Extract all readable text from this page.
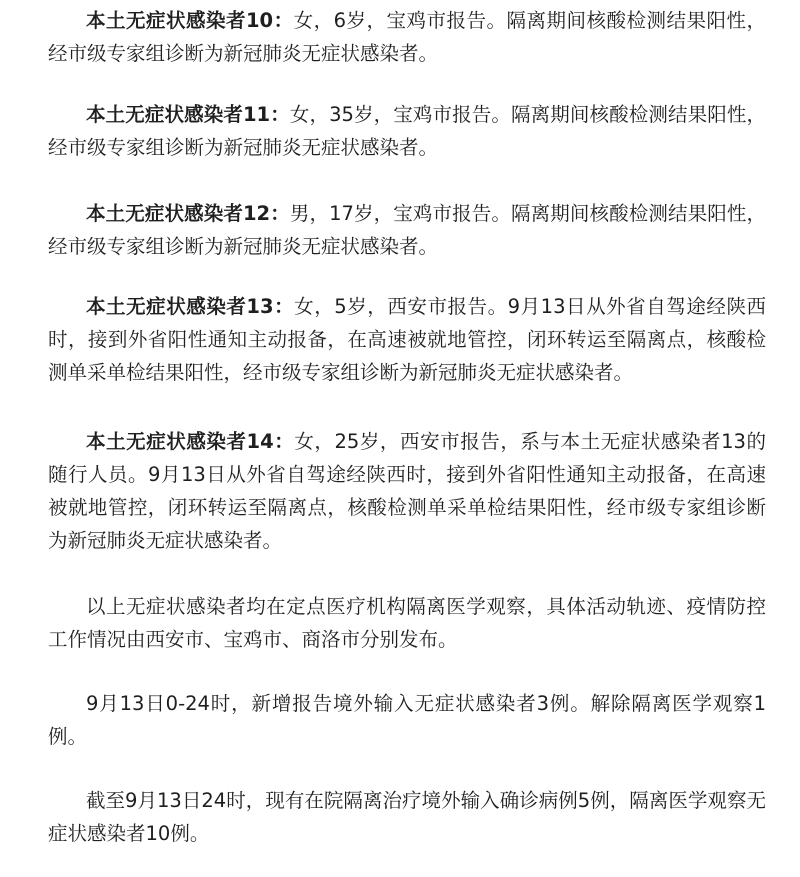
本土无症状感染者10：女，6岁，宝鸡市报告。隔离期间核酸检测结果阳性，经市级专家组诊断为新冠肺炎无症状感染者。

本土无症状感染者11：女，35岁，宝鸡市报告。隔离期间核酸检测结果阳性，经市级专家组诊断为新冠肺炎无症状感染者。

本土无症状感染者12：男，17岁，宝鸡市报告。隔离期间核酸检测结果阳性，经市级专家组诊断为新冠肺炎无症状感染者。

本土无症状感染者13：女，5岁，西安市报告。9月13日从外省自驾途经陕西时，接到外省阳性通知主动报备，在高速被就地管控，闭环转运至隔离点，核酸检测单采单检结果阳性，经市级专家组诊断为新冠肺炎无症状感染者。

本土无症状感染者14：女，25岁，西安市报告，系与本土无症状感染者13的随行人员。9月13日从外省自驾途经陕西时，接到外省阳性通知主动报备，在高速被就地管控，闭环转运至隔离点，核酸检测单采单检结果阳性，经市级专家组诊断为新冠肺炎无症状感染者。

以上无症状感染者均在定点医疗机构隔离医学观察，具体活动轨迹、疫情防控工作情况由西安市、宝鸡市、商洛市分别发布。

9月13日0-24时，新增报告境外输入无症状感染者3例。解除隔离医学观察1例。

截至9月13日24时，现有在院隔离治疗境外输入确诊病例5例，隔离医学观察无症状感染者10例。
